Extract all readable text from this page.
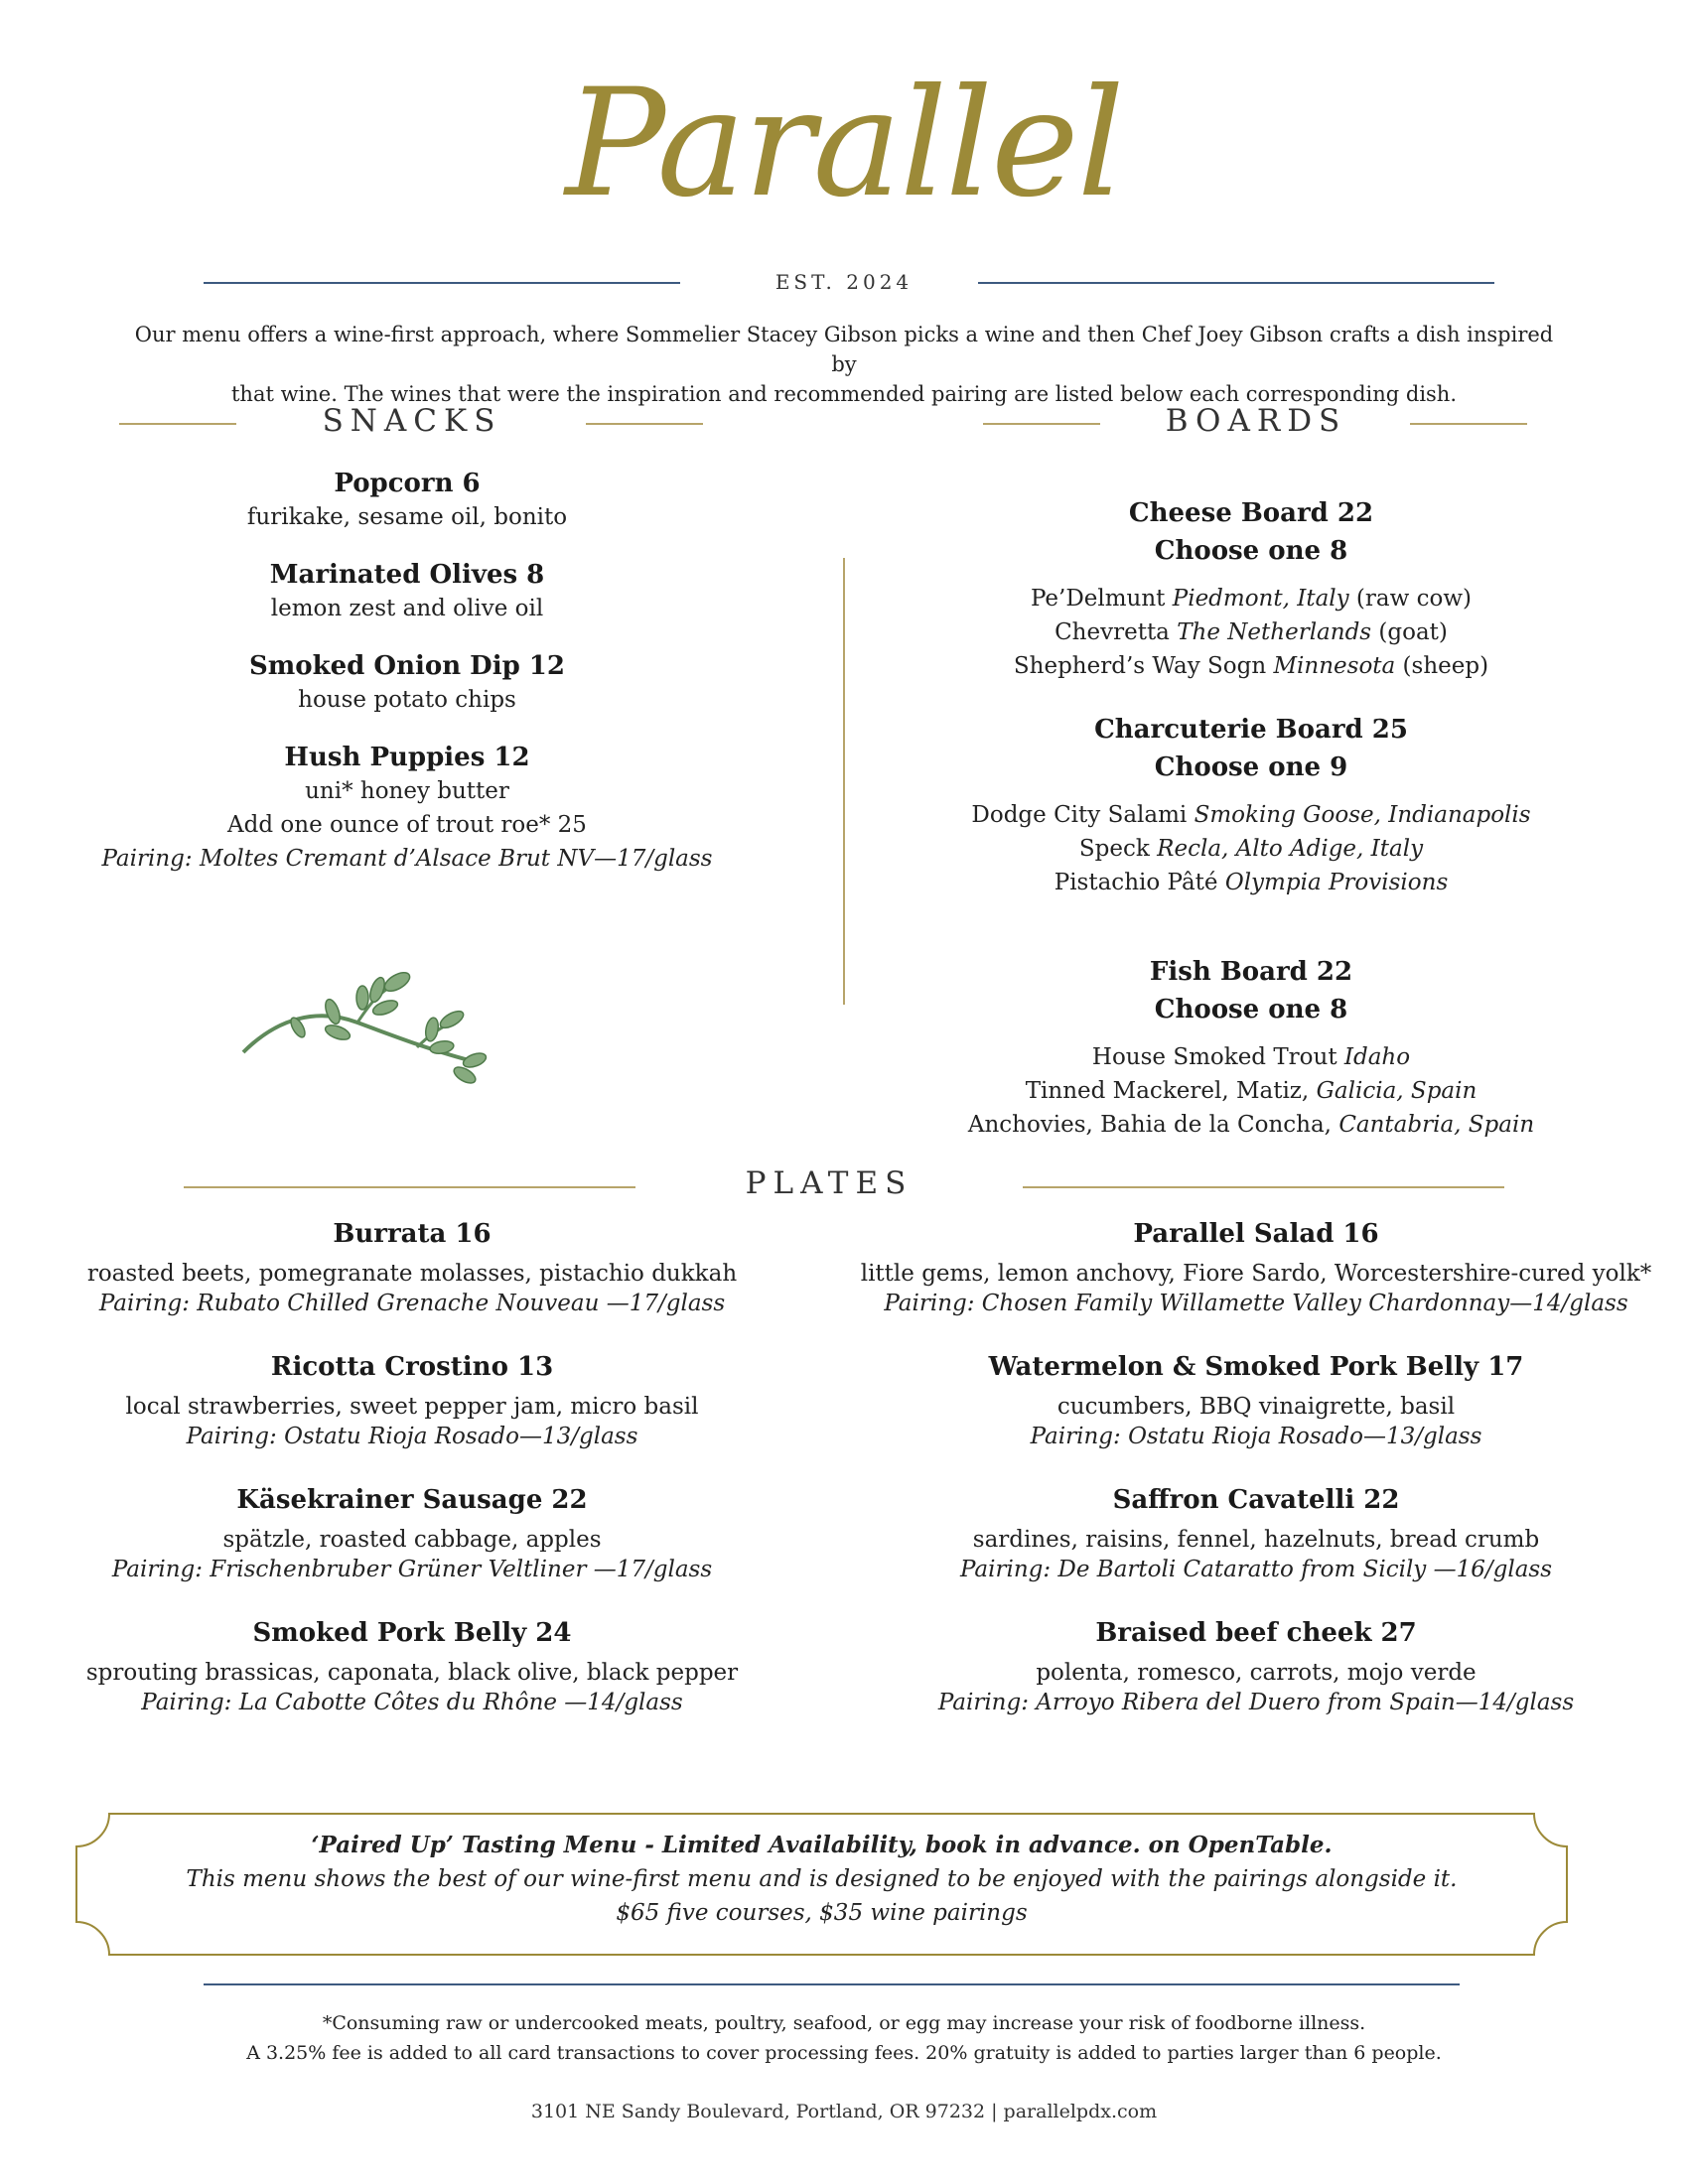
Parallel
EST. 2024
Our menu offers a wine-first approach, where Sommelier Stacey Gibson picks a wine and then Chef Joey Gibson crafts a dish inspired by
that wine. The wines that were the inspiration and recommended pairing are listed below each corresponding dish.
SNACKS
Popcorn 6
furikake, sesame oil, bonito
Marinated Olives 8
lemon zest and olive oil
Smoked Onion Dip 12
house potato chips
Hush Puppies 12
uni* honey butter
Add one ounce of trout roe* 25
Pairing: Moltes Cremant d’Alsace Brut NV—17/glass
BOARDS
Cheese Board 22
Choose one 8
Pe’Delmunt Piedmont, Italy (raw cow)
Chevretta The Netherlands (goat)
Shepherd’s Way Sogn Minnesota (sheep)
Charcuterie Board 25
Choose one 9
Dodge City Salami Smoking Goose, Indianapolis
Speck Recla, Alto Adige, Italy
Pistachio Pâté Olympia Provisions
Fish Board 22
Choose one 8
House Smoked Trout Idaho
Tinned Mackerel, Matiz, Galicia, Spain
Anchovies, Bahia de la Concha, Cantabria, Spain
PLATES
Burrata 16
roasted beets, pomegranate molasses, pistachio dukkah
Pairing: Rubato Chilled Grenache Nouveau —17/glass
Ricotta Crostino 13
local strawberries, sweet pepper jam, micro basil
Pairing: Ostatu Rioja Rosado—13/glass
Käsekrainer Sausage 22
spätzle, roasted cabbage, apples
Pairing: Frischenbruber Grüner Veltliner —17/glass
Smoked Pork Belly 24
sprouting brassicas, caponata, black olive, black pepper
Pairing: La Cabotte Côtes du Rhône —14/glass
Parallel Salad 16
little gems, lemon anchovy, Fiore Sardo, Worcestershire-cured yolk*
Pairing: Chosen Family Willamette Valley Chardonnay—14/glass
Watermelon & Smoked Pork Belly 17
cucumbers, BBQ vinaigrette, basil
Pairing: Ostatu Rioja Rosado—13/glass
Saffron Cavatelli 22
sardines, raisins, fennel, hazelnuts, bread crumb
Pairing: De Bartoli Cataratto from Sicily —16/glass
Braised beef cheek 27
polenta, romesco, carrots, mojo verde
Pairing: Arroyo Ribera del Duero from Spain—14/glass
‘Paired Up’ Tasting Menu - Limited Availability, book in advance. on OpenTable.
This menu shows the best of our wine-first menu and is designed to be enjoyed with the pairings alongside it.
$65 five courses, $35 wine pairings
*Consuming raw or undercooked meats, poultry, seafood, or egg may increase your risk of foodborne illness.
A 3.25% fee is added to all card transactions to cover processing fees. 20% gratuity is added to parties larger than 6 people.
3101 NE Sandy Boulevard, Portland, OR 97232 | parallelpdx.com
